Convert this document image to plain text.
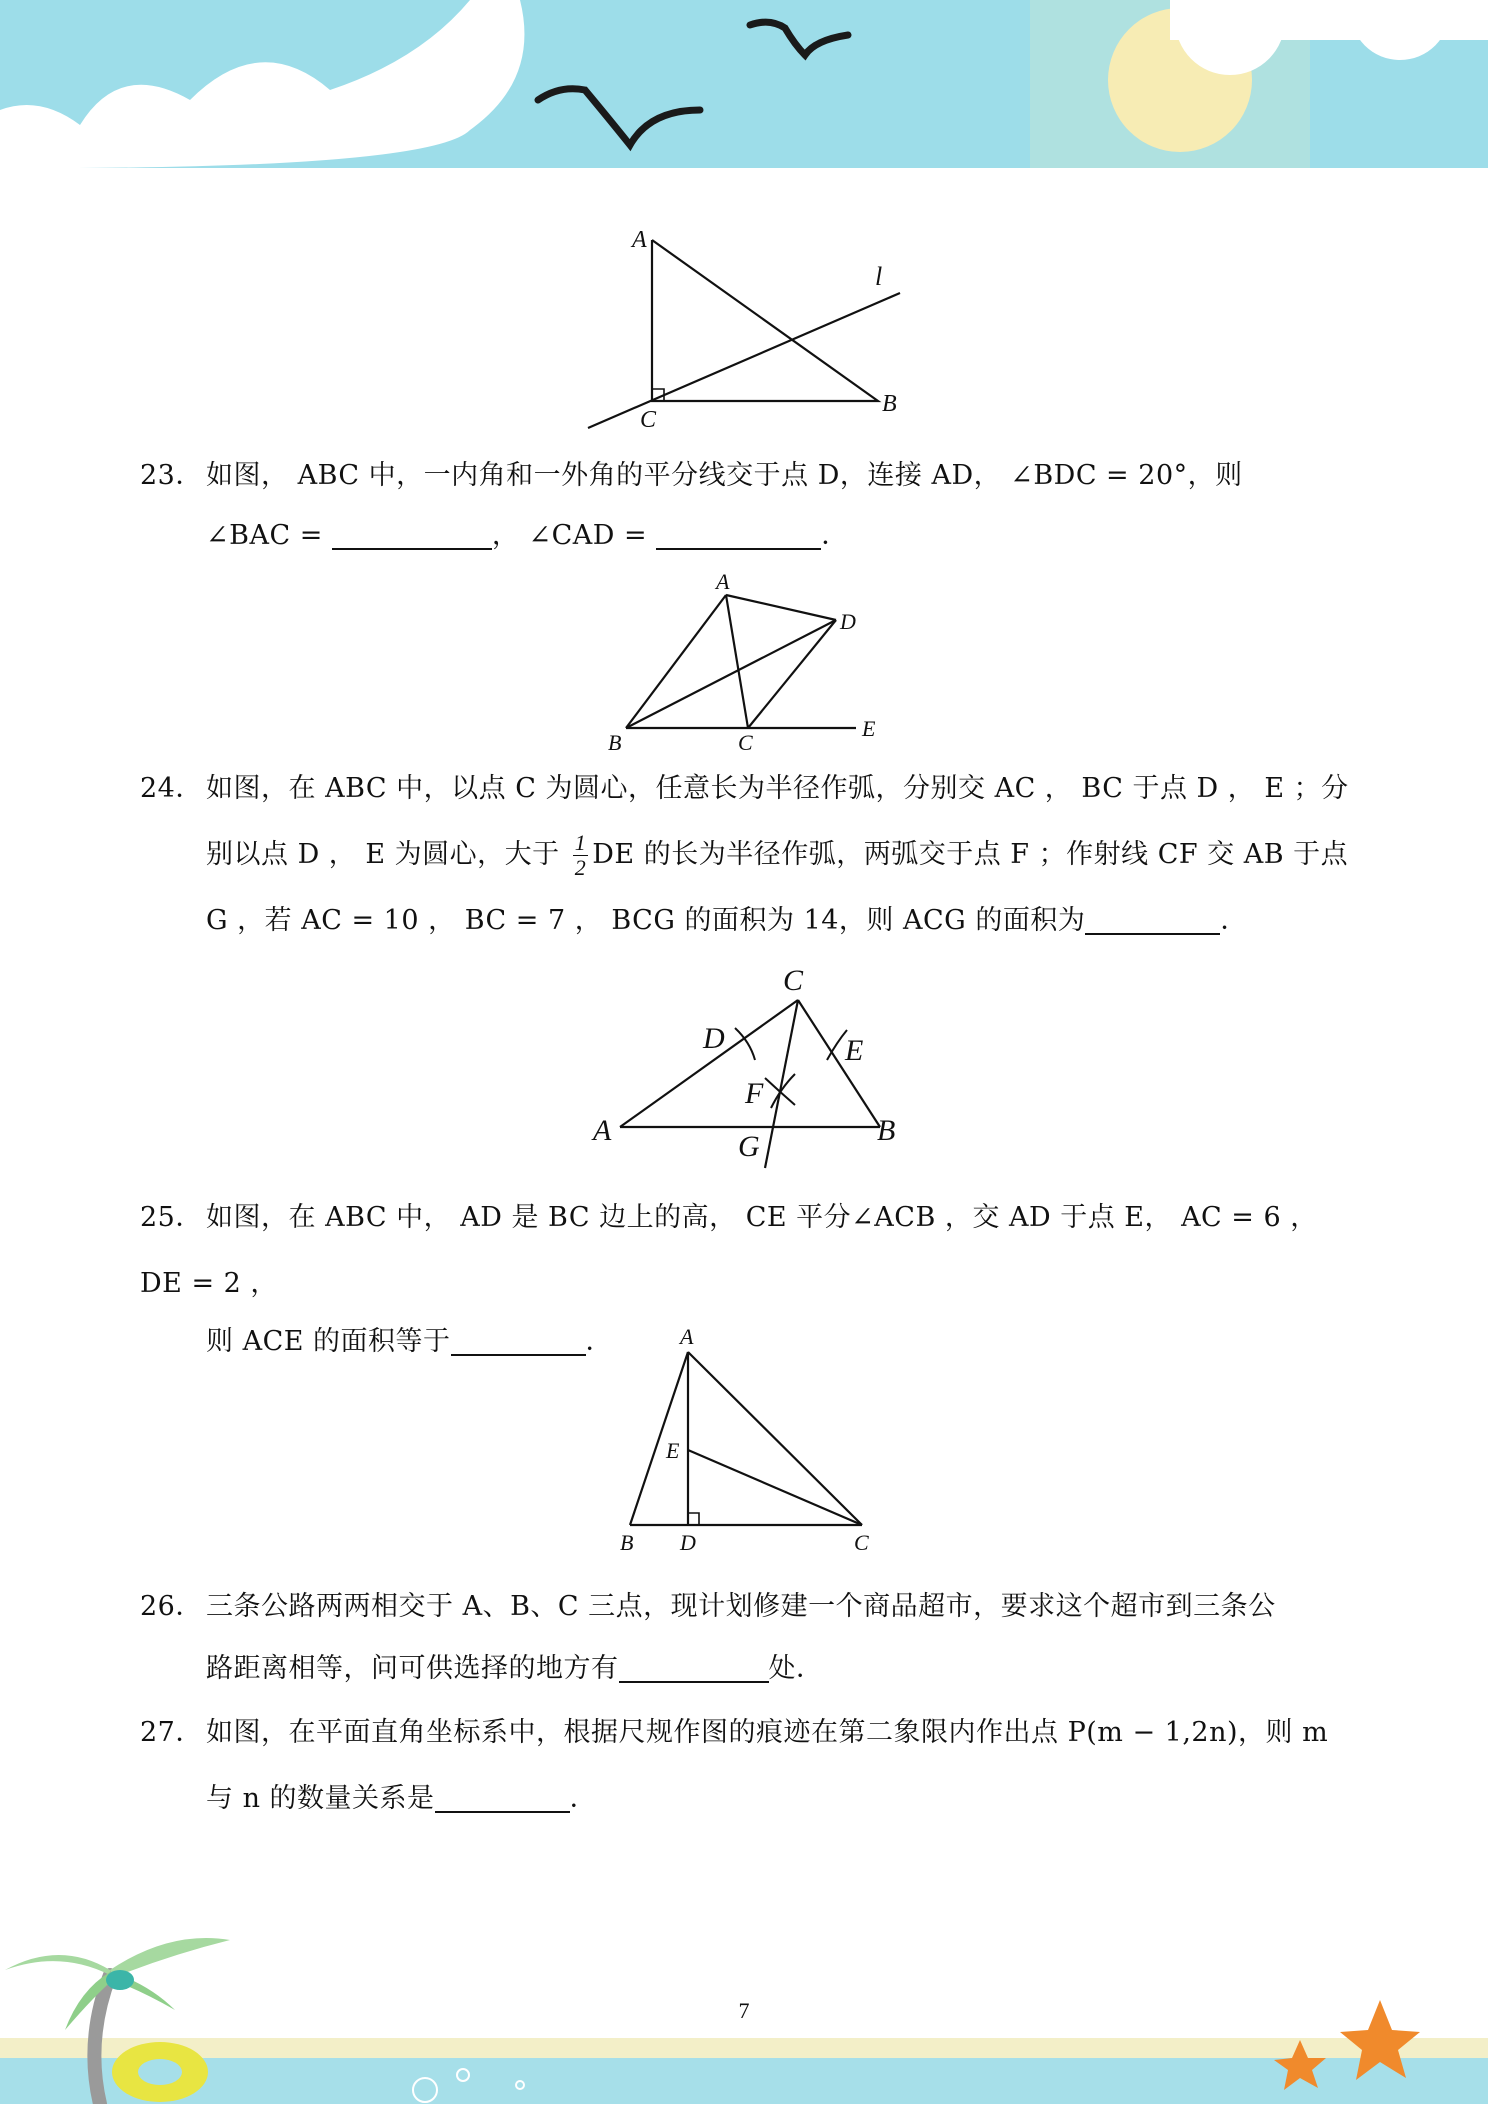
A
B
C
l
23． 如图， ABC 中，一内角和一外角的平分线交于点 D，连接 AD， ∠BDC = 20°，则
∠BAC =	， ∠CAD =	．
A
B	C
D
E
24． 如图，在 ABC 中，以点 C 为圆心，任意长为半径作弧，分别交 AC ， BC 于点 D ， E ；分
别以点 D ， E 为圆心，大于 $\frac{1}{2}$ DE 的长为半径作弧，两弧交于点 F ；作射线 CF 交 AB 于点
G ，若 AC = 10 ， BC = 7 ， BCG 的面积为 14，则 ACG 的面积为	．
C
D	E
F
A	B
G
25． 如图，在 ABC 中， AD 是 BC 边上的高， CE 平分∠ACB ，交 AD 于点 E， AC = 6 ， DE = 2 ，
则 ACE 的面积等于	．	A
E
B D	C
26． 三条公路两两相交于 A、B、C 三点，现计划修建一个商品超市，要求这个超市到三条公
路距离相等，问可供选择的地方有	处．
27． 如图，在平面直角坐标系中，根据尺规作图的痕迹在第二象限内作出点 P(m − 1,2n)，则 m
与 n 的数量关系是	．
7
